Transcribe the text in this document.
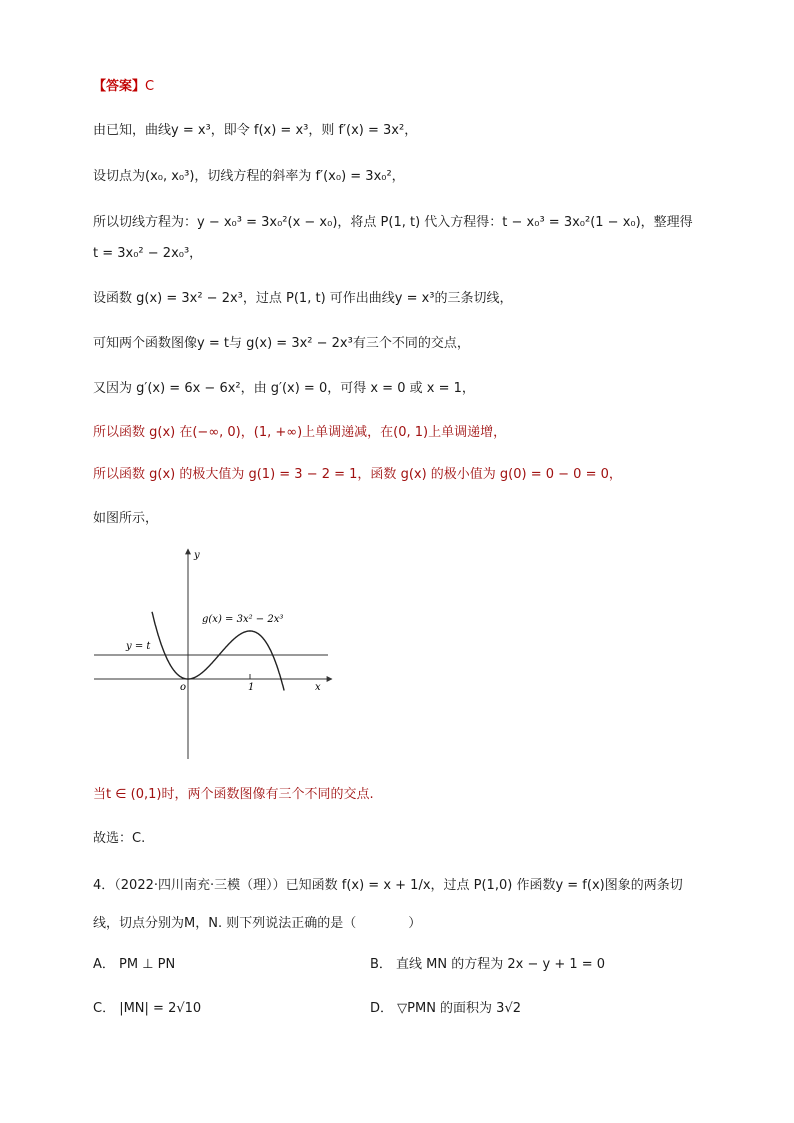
【答案】C
由已知，曲线y = x³，即令 f(x) = x³，则 f′(x) = 3x²，
设切点为(x₀, x₀³)，切线方程的斜率为 f′(x₀) = 3x₀²，
所以切线方程为：y − x₀³ = 3x₀²(x − x₀)，将点 P(1, t) 代入方程得：t − x₀³ = 3x₀²(1 − x₀)，整理得
t = 3x₀² − 2x₀³，
设函数 g(x) = 3x² − 2x³，过点 P(1, t) 可作出曲线y = x³的三条切线，
可知两个函数图像y = t与 g(x) = 3x² − 2x³有三个不同的交点，
又因为 g′(x) = 6x − 6x²，由 g′(x) = 0，可得 x = 0 或 x = 1，
所以函数 g(x) 在(−∞, 0)，(1, +∞)上单调递减，在(0, 1)上单调递增，
所以函数 g(x) 的极大值为 g(1) = 3 − 2 = 1，函数 g(x) 的极小值为 g(0) = 0 − 0 = 0，
如图所示，
y
x
o	1
g(x) = 3x² − 2x³
y = t
当t ∈ (0,1)时，两个函数图像有三个不同的交点.
故选：C.
4．（2022·四川南充·三模（理））已知函数 f(x) = x + 1/x，过点 P(1,0) 作函数y = f(x)图象的两条切
线，切点分别为M，N. 则下列说法正确的是（　　　　）
A． PM ⊥ PN	B． 直线 MN 的方程为 2x − y + 1 = 0
C． |MN| = 2√10	D． ▽PMN 的面积为 3√2
